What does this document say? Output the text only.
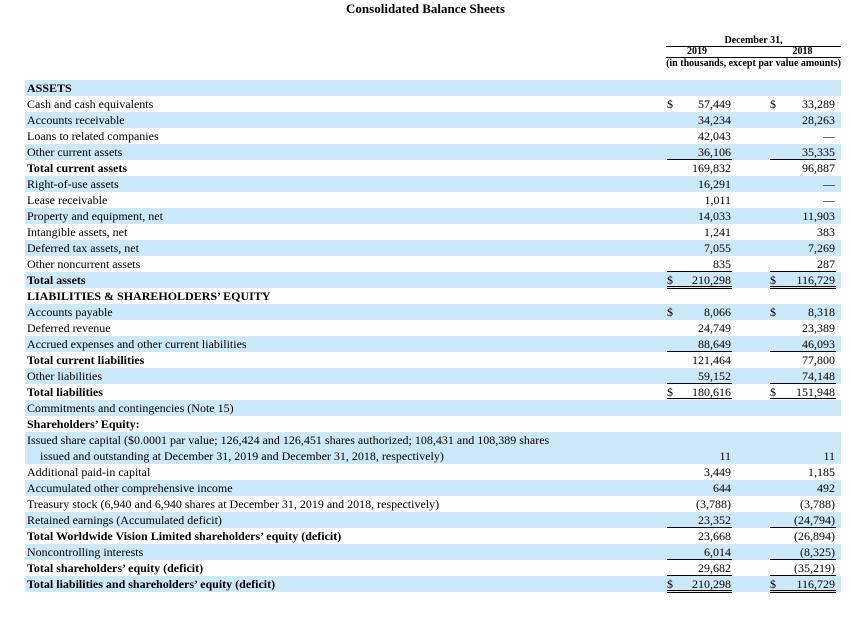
Consolidated Balance Sheets
December 31,
2019	2018
(in thousands, except par value amounts)
ASSETS
Cash and cash equivalents	$	57,449	$	33,289
Accounts receivable	34,234	28,263
Loans to related companies	42,043	—
Other current assets	36,106	35,335
Total current assets	169,832	96,887
Right-of-use assets	16,291	—
Lease receivable	1,011	—
Property and equipment, net	14,033	11,903
Intangible assets, net	1,241	383
Deferred tax assets, net	7,055	7,269
Other noncurrent assets	835	287
Total assets	$	210,298	$	116,729
LIABILITIES & SHAREHOLDERS’ EQUITY
Accounts payable	$	8,066	$	8,318
Deferred revenue	24,749	23,389
Accrued expenses and other current liabilities	88,649	46,093
Total current liabilities	121,464	77,800
Other liabilities	59,152	74,148
Total liabilities	$	180,616	$	151,948
Commitments and contingencies (Note 15)
Shareholders’ Equity:
Issued share capital ($0.0001 par value; 126,424 and 126,451 shares authorized; 108,431 and 108,389 shares
issued and outstanding at December 31, 2019 and December 31, 2018, respectively)	11	11
Additional paid-in capital	3,449	1,185
Accumulated other comprehensive income	644	492
Treasury stock (6,940 and 6,940 shares at December 31, 2019 and 2018, respectively)	(3,788)	(3,788)
Retained earnings (Accumulated deficit)	23,352	(24,794)
Total Worldwide Vision Limited shareholders’ equity (deficit)	23,668	(26,894)
Noncontrolling interests	6,014	(8,325)
Total shareholders’ equity (deficit)	29,682	(35,219)
Total liabilities and shareholders’ equity (deficit)	$	210,298	$	116,729
